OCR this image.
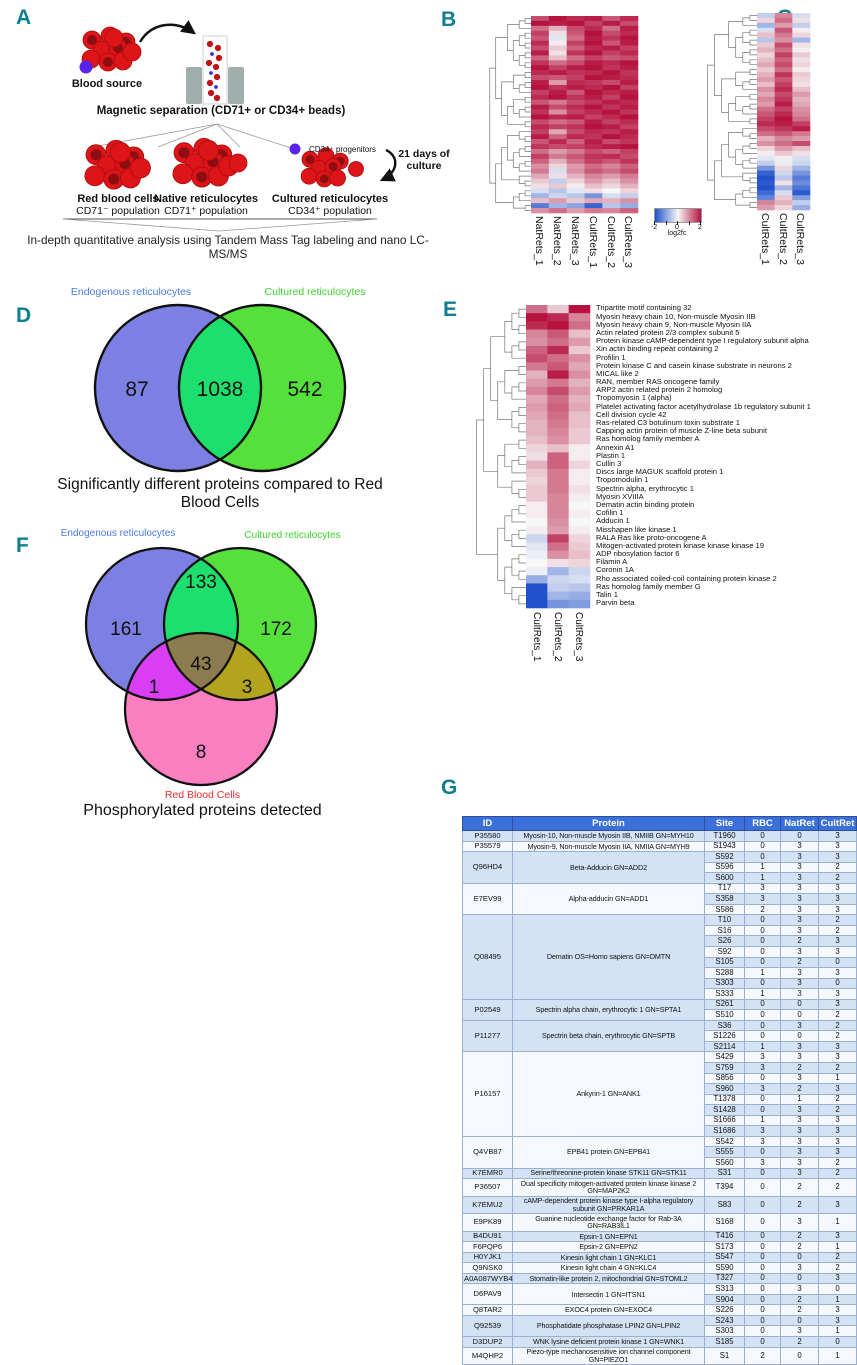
A	B
D	E
F
G
Blood source
Magnetic separation (CD71+ or CD34+ beads)
CD34⁺ progenitors	21 days of
culture
Red blood cells
CD71⁻ population
Native reticulocytes
CD71⁺ population
Cultured reticulocytes
CD34⁺ population
In-depth quantitative analysis using Tandem Mass Tag labeling and nano LC-MS/MS
log2fc
Endogenous reticulocytes	Cultured reticulocytes
87 1038 542
Significantly different proteins compared to Red Blood Cells
Endogenous reticulocytes	Cultured reticulocytes
161
133
172
1
43
3
8
Red Blood Cells
Phosphorylated proteins detected
ID	Protein	Site	RBC	NatRet	CultRet
P35580	Myosin-10, Non-muscle Myosin IIB, NMIIB GN=MYH10	T1960	0	0	3
P35579	Myosin-9, Non-muscle Myosin IIA, NMIIA GN=MYH9	S1943	0	3	3
Q96HD4	Beta-Adducin GN=ADD2	S592	0	3	3
		S596	1	3	2
		S600	1	3	2
E7EV99	Alpha-adducin GN=ADD1	T17	3	3	3
		S358	3	3	3
		S586	2	3	3
Q08495	Dematin OS=Homo sapiens GN=DMTN	T10	0	3	2
		S16	0	3	2
		S26	0	2	3
		S92	0	3	3
		S105	0	2	0
		S288	1	3	3
		S303	0	3	0
		S333	1	3	3
P02549	Spectrin alpha chain, erythrocytic 1 GN=SPTA1	S261	0	0	3
		S510	0	0	2
P11277	Spectrin beta chain, erythrocytic GN=SPTB	S36	0	3	2
		S1226	0	0	2
		S2114	1	3	3
P16157	Ankyrin-1 GN=ANK1	S429	3	3	3
		S759	3	2	2
		S856	0	3	1
		S960	3	2	3
		T1378	0	1	2
		S1428	0	3	2
		S1666	1	3	3
		S1686	3	3	3
Q4VB87	EPB41 protein GN=EPB41	S542	3	3	3
		S555	0	3	3
		S560	3	3	2
K7EMR0	Serine/threonine-protein kinase STK11 GN=STK11	S31	0	3	2
P36507	Dual specificity mitogen-activated protein kinase kinase 2 GN=MAP2K2	T394	0	2	2
K7EMU2	cAMP-dependent protein kinase type I-alpha regulatory subunit GN=PRKAR1A	S83	0	2	3
E9PK89	Guanine nucleotide exchange factor for Rab-3A GN=RAB3IL1	S168	0	3	1
B4DU91	Epsin-1 GN=EPN1	T416	0	2	3
F6PQP6	Epsin-2 GN=EPN2	S173	0	2	1
H0YJK1	Kinesin light chain 1 GN=KLC1	S547	0	0	2
Q9NSK0	Kinesin light chain 4 GN=KLC4	S590	0	3	2
A0A087WYB4	Stomatin-like protein 2, mitochondrial GN=STOML2	T327	0	0	3
D6PAV9	Intersectin 1 GN=ITSN1	S313	0	3	0
		S904	0	2	1
Q8TAR2	EXOC4 protein GN=EXOC4	S226	0	2	3
Q92539	Phosphatidate phosphatase LPIN2 GN=LPIN2	S243	0	0	3
		S303	0	3	1
D3DUP2	WNK lysine deficient protein kinase 1 GN=WNK1	S185	0	2	0
M4QHP2	Piezo-type mechanosensitive ion channel component GN=PIEZO1	S1	2	0	1
NatRets_1 NatRets_2 NatRets_3 CultRets_1 CultRets_2 CultRets_3	CultRets_1 CultRets_2 CultRets_3
CultRets_1 CultRets_2 CultRets_3
-2	0	2
Tripartite motif containing 32
Myosin heavy chain 10, Non-muscle Myosin IIB
Myosin heavy chain 9, Non-muscle Myosin IIA
Actin related protein 2/3 complex subunit 5
Protein kinase cAMP-dependent type I regulatory subunit alpha
Xin actin binding repeat containing 2
Profilin 1
Protein kinase C and casein kinase substrate in neurons 2
MICAL like 2
RAN, member RAS oncogene family
ARP2 actin related protein 2 homolog
Tropomyosin 1 (alpha)
Platelet activating factor acetylhydrolase 1b regulatory subunit 1
Cell division cycle 42
Ras-related C3 botulinum toxin substrate 1
Capping actin protein of muscle Z-line beta subunit
Ras homolog family member A
Annexin A1
Plastin 1
Cullin 3
Discs large MAGUK scaffold protein 1
Tropomodulin 1
Spectrin alpha, erythrocytic 1
Myosin XVIIIA
Dematin actin binding protein
Cofilin 1
Adducin 1
Misshapen like kinase 1
RALA Ras like proto-oncogene A
Mitogen-activated protein kinase kinase kinase 19
ADP ribosylation factor 6
Filamin A
Coronin 1A
Rho associated coiled-coil containing protein kinase 2
Ras homolog family member G
Talin 1
Parvin beta
